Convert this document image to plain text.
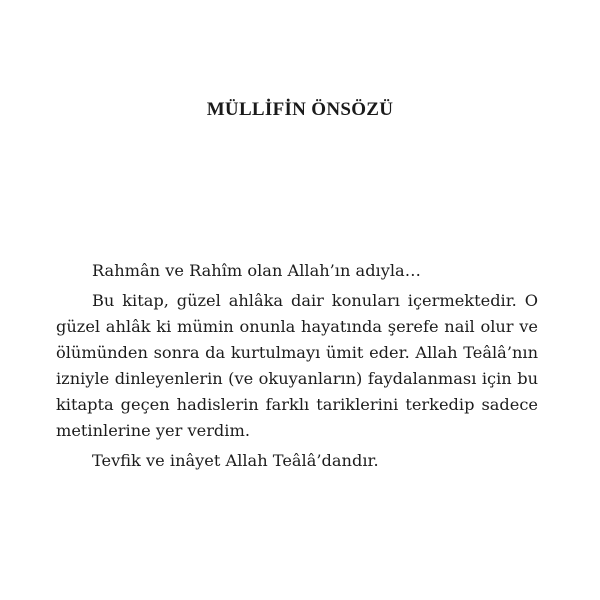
MÜLLİFİN ÖNSÖZÜ

Rahmân ve Rahîm olan Allah’ın adıyla…

Bu kitap, güzel ahlâka dair konuları içermektedir. O güzel ahlâk ki mümin onunla hayatında şerefe nail olur ve ölümünden sonra da kurtulmayı ümit eder. Allah Teâlâ’nın izniyle dinleyenlerin (ve okuyanların) faydalanması için bu kitapta geçen hadislerin farklı tariklerini terkedip sadece metinlerine yer verdim.

Tevfik ve inâyet Allah Teâlâ’dandır.
